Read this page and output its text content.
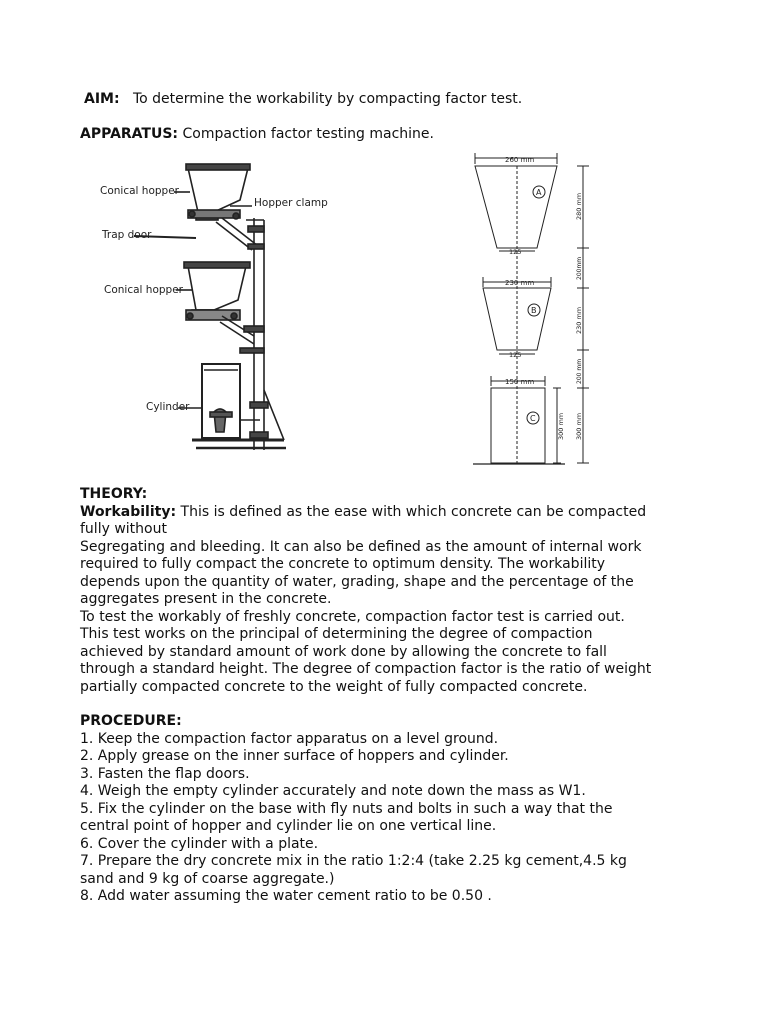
AIM: To determine the workability by compacting factor test.
APPARATUS: Compaction factor testing machine.
Conical hopper
Hopper clamp
Trap door
Conical hopper
Cylinder
260 mm
125
230 mm
125
150 mm
A
B
C
280 mm
200mm
230 mm
200 mm
300 mm 300 mm

THEORY:

Workability: This is defined as the ease with which concrete can be compacted

fully without

Segregating and bleeding. It can also be defined as the amount of internal work

required to fully compact the concrete to optimum density. The workability

depends upon the quantity of water, grading, shape and the percentage of the

aggregates present in the concrete.

To test the workably of freshly concrete, compaction factor test is carried out.

This test works on the principal of determining the degree of compaction

achieved by standard amount of work done by allowing the concrete to fall

through a standard height. The degree of compaction factor is the ratio of weight

partially compacted concrete to the weight of fully compacted concrete.

PROCEDURE:

1. Keep the compaction factor apparatus on a level ground.

2. Apply grease on the inner surface of hoppers and cylinder.

3. Fasten the flap doors.

4. Weigh the empty cylinder accurately and note down the mass as W1.

5. Fix the cylinder on the base with fly nuts and bolts in such a way that the

central point of hopper and cylinder lie on one vertical line.

6. Cover the cylinder with a plate.

7. Prepare the dry concrete mix in the ratio 1:2:4 (take 2.25 kg cement,4.5 kg

sand and 9 kg of coarse aggregate.)

8. Add water assuming the water cement ratio to be 0.50 .
